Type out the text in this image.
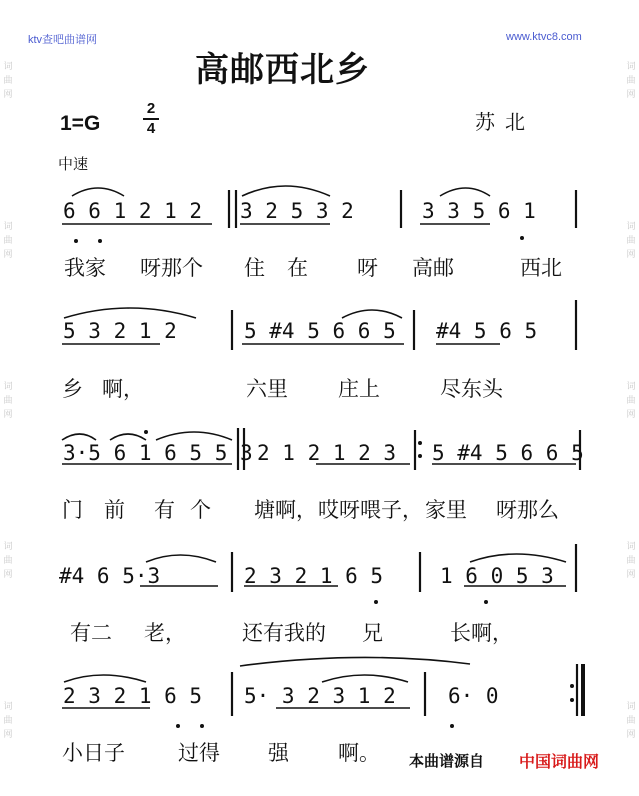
词
曲
网
词
曲
网
词
曲
网
词
曲
网
词
曲
网
词
曲
网
词
曲
网
词
曲
网
词
曲
网
词
曲
网
ktv查吧曲谱网	www.ktvc8.com
高邮西北乡
1=G
2
4	苏北
中速
6 6 1 2 1 2 3 2 5 3 2	3 3 5 6 1
我家 呀那个 住 在 呀 高邮	西北
5 3 2 1 2	5 #4 5 6 6 5 #4 5 6 5
乡 啊，	六里 庄上	尽东头
3·5 6 1 6 5 5 3 2 1 2 1 2 3 5 #4 5 6 6 5
门 前 有 个 塘啊， 哎呀喂子， 家里 呀那么
#4 6 5·3	2 3 2 1 6 5	1 6 0 5 3
有二 老，	还有我的 兄	长啊，
2 3 2 1 6 5 5· 3 2 3 1 2 6· 0
小日子	过得 强 啊。 本曲谱源自 中国词曲网
